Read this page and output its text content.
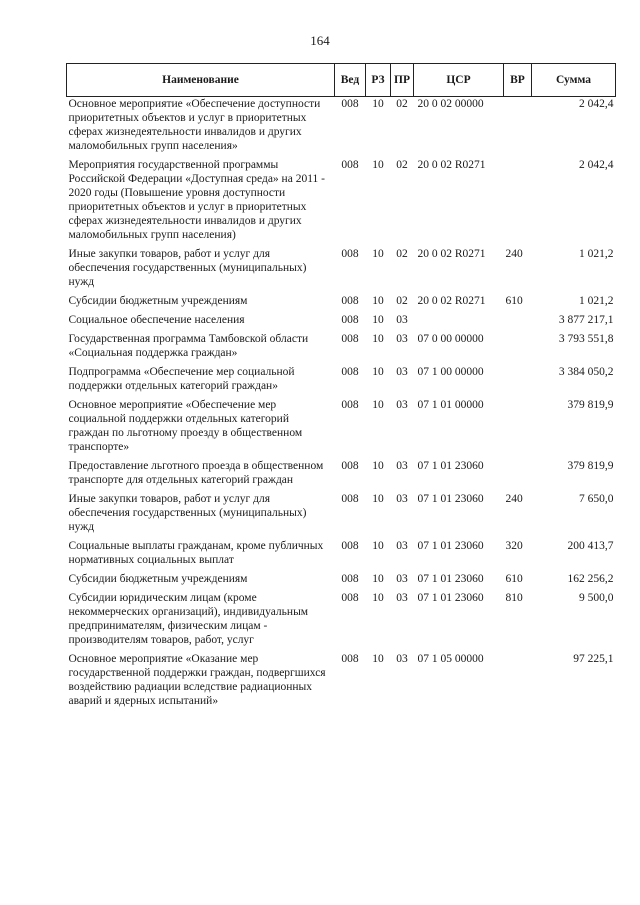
164
Наименование	Вед	РЗ	ПР	ЦСР	ВР	Сумма
Основное мероприятие «Обеспечение доступности приоритетных объектов и услуг в приоритетных сферах жизнедеятельности инвалидов и других маломобильных групп населения»	008	10	02	20 0 02 00000		2 042,4
Мероприятия государственной программы Российской Федерации «Доступная среда» на 2011 - 2020 годы (Повышение уровня доступности приоритетных объектов и услуг в приоритетных сферах жизнедеятельности инвалидов и других маломобильных групп населения)	008	10	02	20 0 02 R0271		2 042,4
Иные закупки товаров, работ и услуг для обеспечения государственных (муниципальных) нужд	008	10	02	20 0 02 R0271	240	1 021,2
Субсидии бюджетным учреждениям	008	10	02	20 0 02 R0271	610	1 021,2
Социальное обеспечение населения	008	10	03			3 877 217,1
Государственная программа Тамбовской области «Социальная поддержка граждан»	008	10	03	07 0 00 00000		3 793 551,8
Подпрограмма «Обеспечение мер социальной поддержки отдельных категорий граждан»	008	10	03	07 1 00 00000		3 384 050,2
Основное мероприятие «Обеспечение мер социальной поддержки отдельных категорий граждан по льготному проезду в общественном транспорте»	008	10	03	07 1 01 00000		379 819,9
Предоставление льготного проезда в общественном транспорте для отдельных категорий граждан	008	10	03	07 1 01 23060		379 819,9
Иные закупки товаров, работ и услуг для обеспечения государственных (муниципальных) нужд	008	10	03	07 1 01 23060	240	7 650,0
Социальные выплаты гражданам, кроме публичных нормативных социальных выплат	008	10	03	07 1 01 23060	320	200 413,7
Субсидии бюджетным учреждениям	008	10	03	07 1 01 23060	610	162 256,2
Субсидии юридическим лицам (кроме некоммерческих организаций), индивидуальным предпринимателям, физическим лицам - производителям товаров, работ, услуг	008	10	03	07 1 01 23060	810	9 500,0
Основное мероприятие «Оказание мер государственной поддержки граждан, подвергшихся воздействию радиации вследствие радиационных аварий и ядерных испытаний»	008	10	03	07 1 05 00000		97 225,1
